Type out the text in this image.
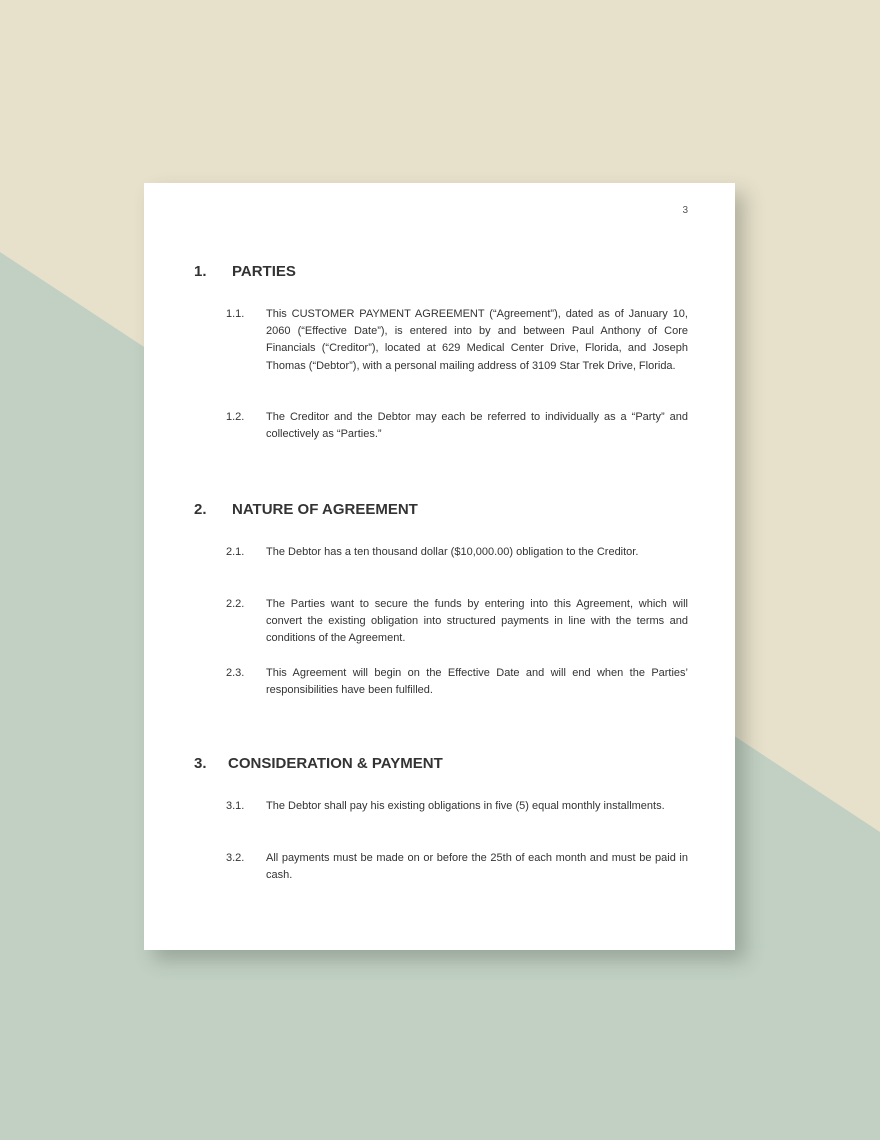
3
1.	PARTIES
1.1.	This CUSTOMER PAYMENT AGREEMENT (“Agreement”), dated as of January 10, 2060 (“Effective Date”), is entered into by and between Paul Anthony of Core Financials (“Creditor”), located at 629 Medical Center Drive, Florida, and Joseph Thomas (“Debtor”), with a personal mailing address of 3109 Star Trek Drive, Florida.
1.2.	The Creditor and the Debtor may each be referred to individually as a “Party” and collectively as “Parties.”
2.	NATURE OF AGREEMENT
2.1.	The Debtor has a ten thousand dollar ($10,000.00) obligation to the Creditor.
2.2.	The Parties want to secure the funds by entering into this Agreement, which will convert the existing obligation into structured payments in line with the terms and conditions of the Agreement.
2.3.	This Agreement will begin on the Effective Date and will end when the Parties’ responsibilities have been fulfilled.
3.	CONSIDERATION & PAYMENT
3.1.	The Debtor shall pay his existing obligations in five (5) equal monthly installments.
3.2.	All payments must be made on or before the 25th of each month and must be paid in cash.
